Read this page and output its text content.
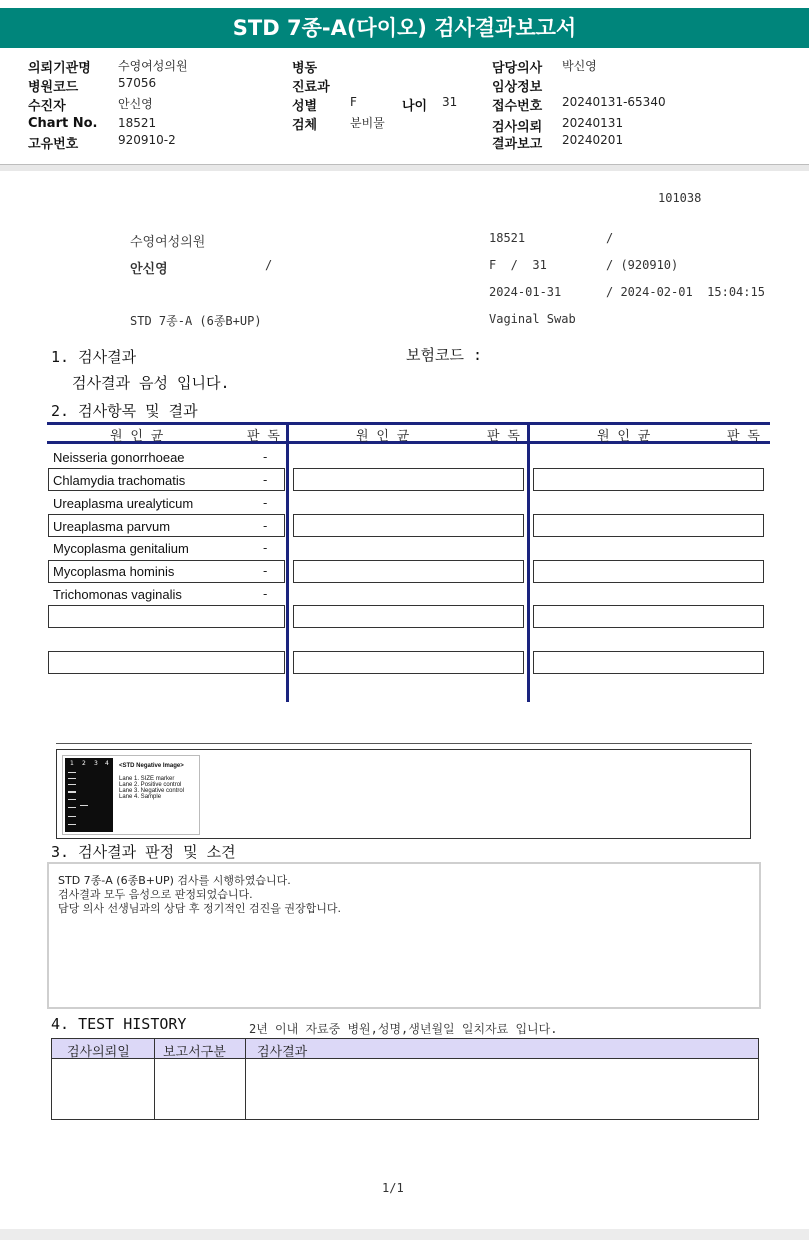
STD 7종-A(다이오) 검사결과보고서
의뢰기관명 수영여성의원
병원코드	57056
수진자	안신영
Chart No. 18521
고유번호	920910-2
병동
진료과
성별	F	나이 31
검체	분비물
담당의사 박신영
임상정보
접수번호 20240131-65340
검사의뢰 20240131
결과보고 20240201
101038
수영여성의원	18521	/
안신영	/	F  /  31	/ (920910)
2024-01-31	/ 2024-02-01  15:04:15
STD 7종-A (6종B+UP)	Vaginal Swab
1. 검사결과	보험코드 :
검사결과 음성 입니다.
2. 검사항목 및 결과
원 인 균	판 독	원 인 균	판 독	원 인 균	판 독
Neisseria gonorrhoeae	-
Chlamydia trachomatis	-
Ureaplasma urealyticum	-
Ureaplasma parvum	-
Mycoplasma genitalium	-
Mycoplasma hominis	-
Trichomonas vaginalis	-
1 2 3 4 <STD Negative Image>
Lane 1. SIZE marker
Lane 2. Positive control
Lane 3. Negative control
Lane 4. Sample
3. 검사결과 판정 및 소견
STD 7종-A (6종B+UP) 검사를 시행하였습니다.
검사결과 모두 음성으로 판정되었습니다.
담당 의사 선생님과의 상담 후 정기적인 검진을 권장합니다.
4. TEST HISTORY	2년 이내 자료중 병원,성명,생년월일 일치자료 입니다.
검사의뢰일	보고서구분 검사결과
1/1
